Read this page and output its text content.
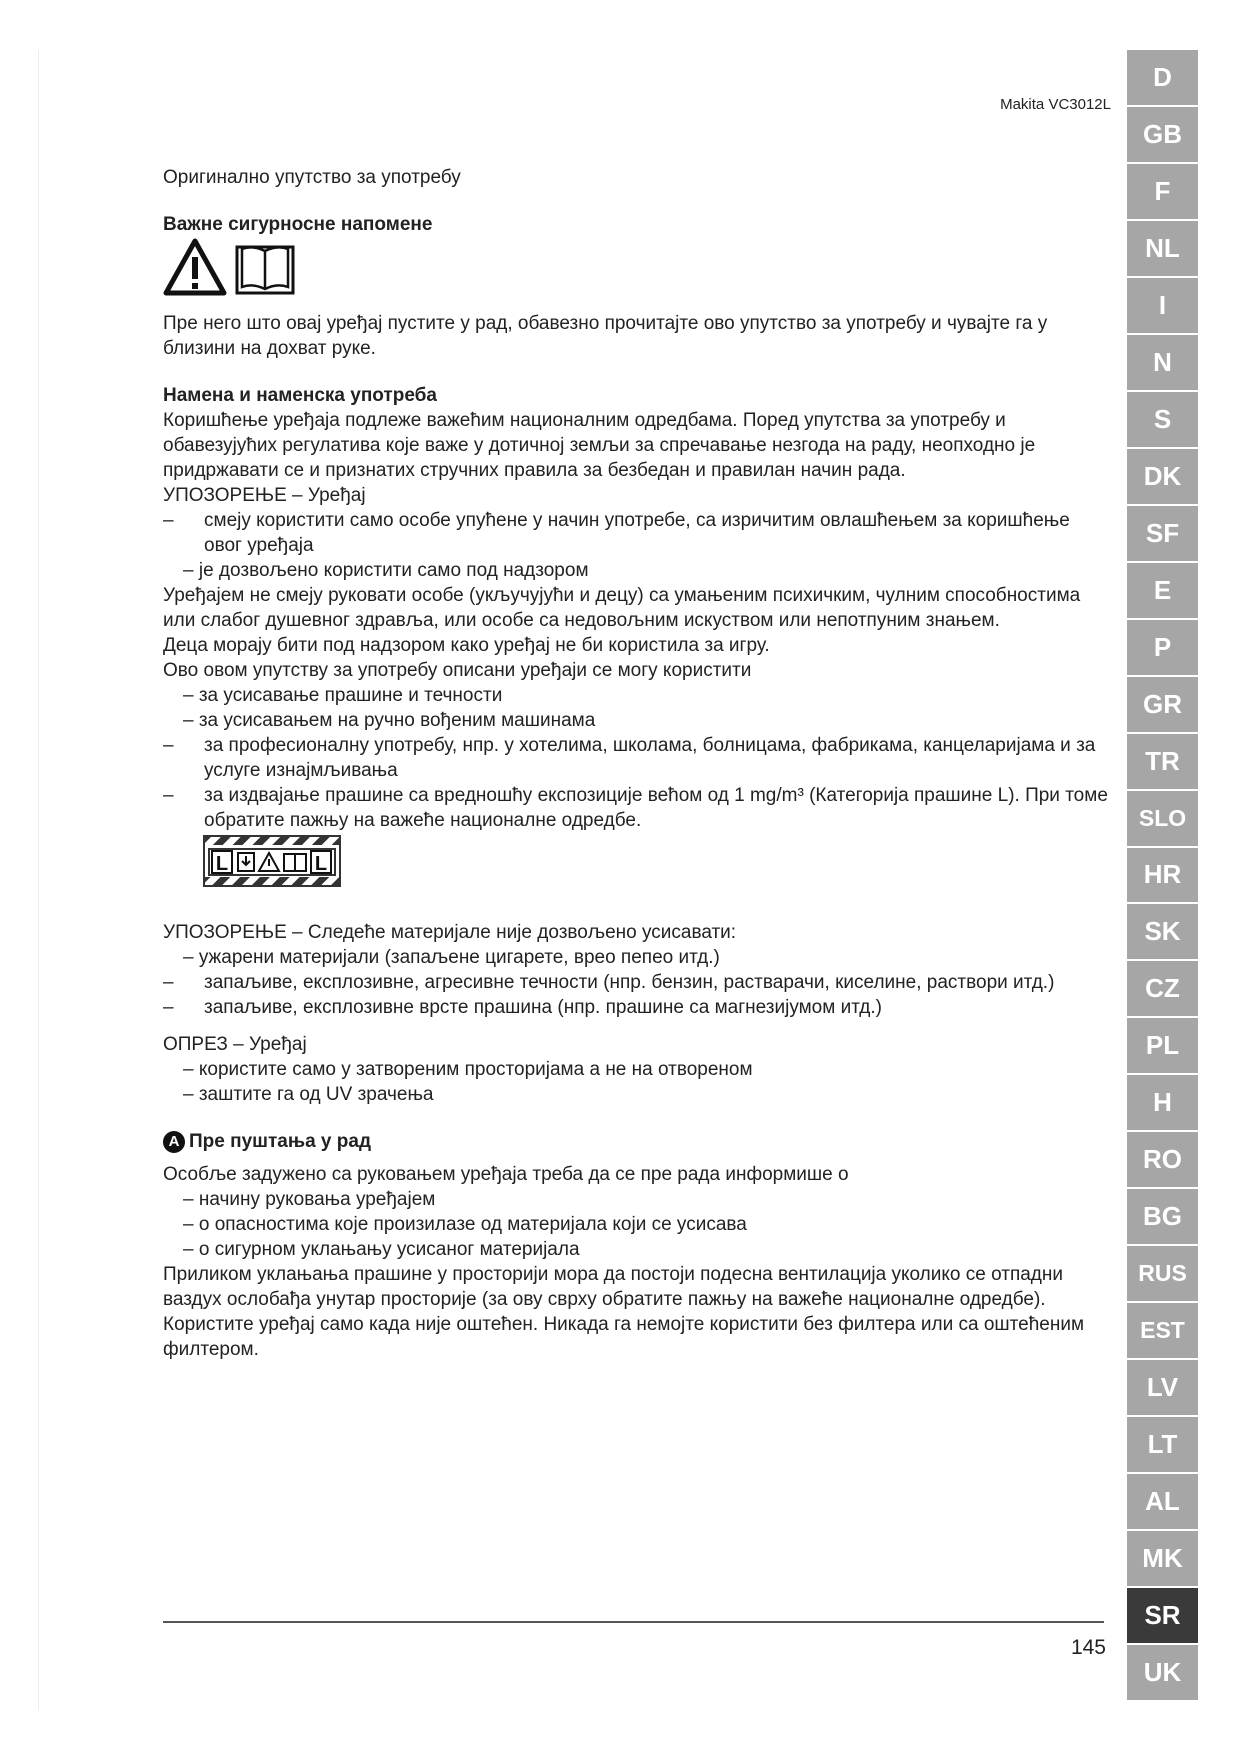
Makita VC3012L

Оригинално упутство за употребу

Важне сигурносне напомене

Пре него што овај уређај пустите у рад, обавезно прочитајте ово упутство за употребу и чувајте га у близини на дохват руке.

Намена и наменска употреба

Коришћење уређаја подлеже важећим националним одредбама. Поред упутства за употребу и обавезујућих регулатива које важе у дотичној земљи за спречавање незгода на раду, неопходно је придржавати се и признатих стручних правила за безбедан и правилан начин рада.

УПОЗОРЕЊЕ – Уређај

–	смеју користити само особе упућене у начин употребе, са изричитим овлашћењем за коришћење овог уређаја

– је дозвољено користити само под надзором

Уређајем не смеју руковати особе (укључујући и децу) са умањеним психичким, чулним способностима или слабог душевног здравља, или особе са недовољним искуством или непотпуним знањем.

Деца морају бити под надзором како уређај не би користила за игру.

Ово овом упутству за употребу описани уређаји се могу користити

– за усисавање прашине и течности

– за усисавањем на ручно вођеним машинама

–	за професионалну употребу, нпр. у хотелима, школама, болницама, фабрикама, канцеларијама и за услуге изнајмљивања
–	за издвајање прашине са вредношћу експозиције већом од 1 mg/m³ (Категорија прашине L). При томе обратите пажњу на важеће националне одредбе.
L	L

УПОЗОРЕЊЕ – Следеће материјале није дозвољено усисавати:

– ужарени материјали (запаљене цигарете, врео пепео итд.)

–	запаљиве, експлозивне, агресивне течности (нпр. бензин, растварачи, киселине, раствори итд.)
–	запаљиве, експлозивне врсте прашина (нпр. прашине са магнезијумом итд.)

ОПРЕЗ – Уређај

– користите само у затвореним просторијама а не на отвореном

– заштите га од UV зрачења

A Пре пуштања у рад

Особље задужено са руковањем уређаја треба да се пре рада информише о

– начину руковања уређајем

– о опасностима које произилазе од материјала који се усисава

– о сигурном уклањању усисаног материјала

Приликом уклањања прашине у просторији мора да постоји подесна вентилација уколико се отпадни ваздух ослобађа унутар просторије (за ову сврху обратите пажњу на важеће националне одредбе).

Користите уређај само када није оштећен. Никада га немојте користити без филтера или са оштећеним филтером.

145
D
GB
F
NL
I
N
S
DK
SF
E
P
GR
TR
SLO
HR
SK
CZ
PL
H
RO
BG
RUS
EST
LV
LT
AL
MK
SR
UK
